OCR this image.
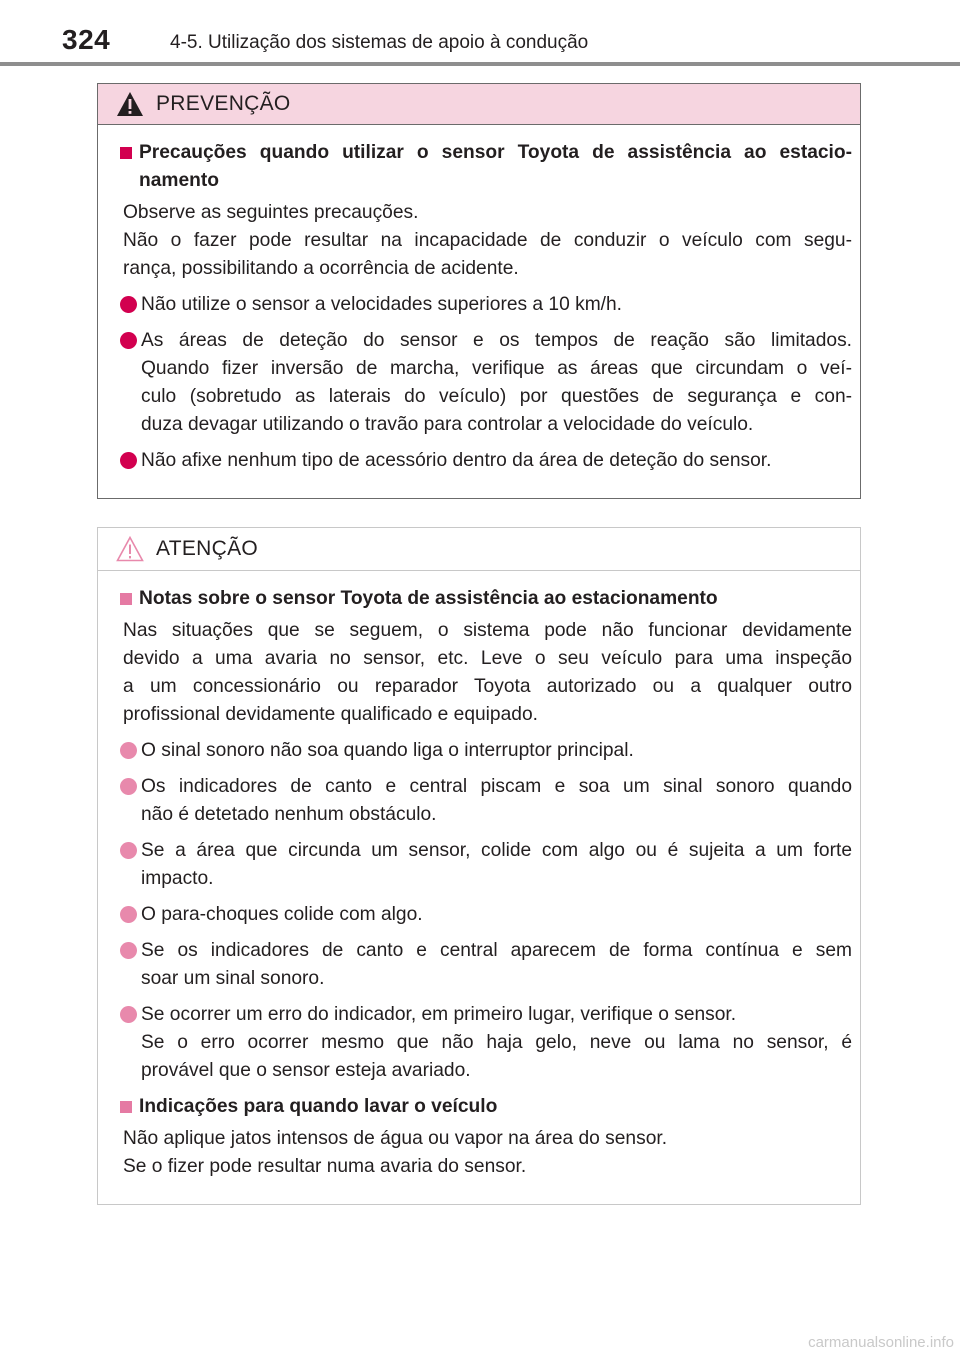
324	4-5. Utilização dos sistemas de apoio à condução
PREVENÇÃO
Precauções quando utilizar o sensor Toyota de assistência ao estacio- namento
Observe as seguintes precauções.
Não o fazer pode resultar na incapacidade de conduzir o veículo com segu-
rança, possibilitando a ocorrência de acidente.
Não utilize o sensor a velocidades superiores a 10 km/h.
As áreas de deteção do sensor e os tempos de reação são limitados.
Quando fizer inversão de marcha, verifique as áreas que circundam o veí-
culo (sobretudo as laterais do veículo) por questões de segurança e con-
duza devagar utilizando o travão para controlar a velocidade do veículo.
Não afixe nenhum tipo de acessório dentro da área de deteção do sensor.
ATENÇÃO
Notas sobre o sensor Toyota de assistência ao estacionamento
Nas situações que se seguem, o sistema pode não funcionar devidamente
devido a uma avaria no sensor, etc. Leve o seu veículo para uma inspeção
a um concessionário ou reparador Toyota autorizado ou a qualquer outro
profissional devidamente qualificado e equipado.
O sinal sonoro não soa quando liga o interruptor principal.
Os indicadores de canto e central piscam e soa um sinal sonoro quando
não é detetado nenhum obstáculo.
Se a área que circunda um sensor, colide com algo ou é sujeita a um forte
impacto.
O para-choques colide com algo.
Se os indicadores de canto e central aparecem de forma contínua e sem
soar um sinal sonoro.
Se ocorrer um erro do indicador, em primeiro lugar, verifique o sensor.
Se o erro ocorrer mesmo que não haja gelo, neve ou lama no sensor, é
provável que o sensor esteja avariado.
Indicações para quando lavar o veículo
Não aplique jatos intensos de água ou vapor na área do sensor.
Se o fizer pode resultar numa avaria do sensor.
carmanualsonline.info
